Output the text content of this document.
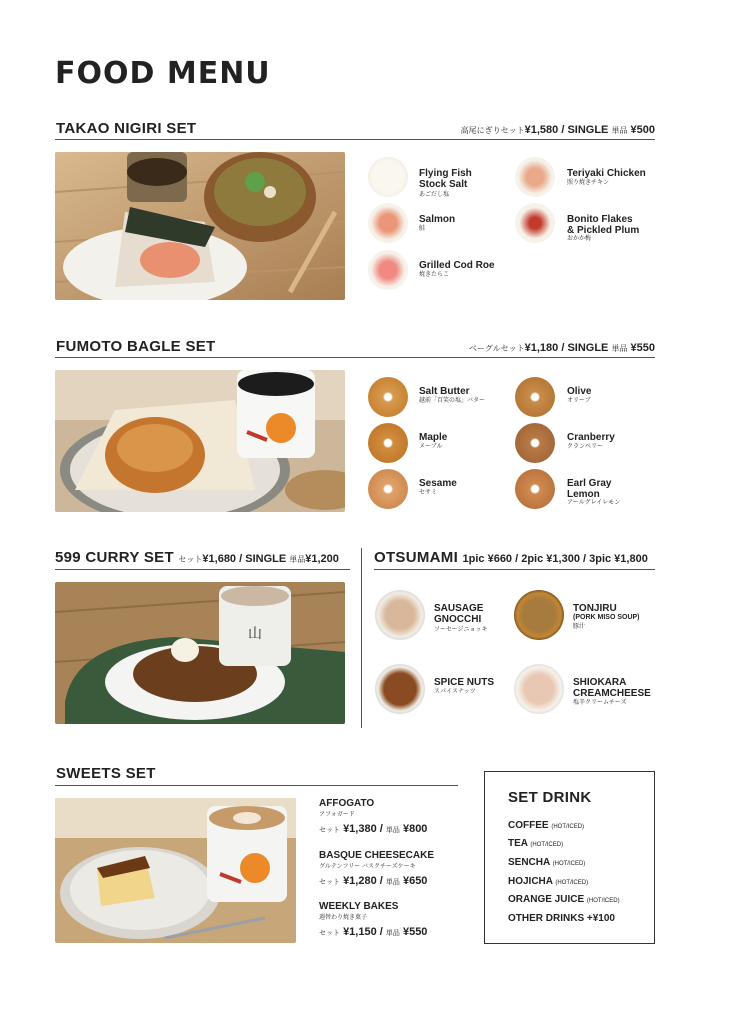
FOOD MENU
TAKAO NIGIRI SET	高尾にぎりセット¥1,580 / SINGLE 単品 ¥500
Flying Fish
Stock Salt
あごだし塩
Teriyaki Chicken
照り焼きチキン
Salmon
鮭
Bonito Flakes
& Pickled Plum
おかか梅
Grilled Cod Roe
焼きたらこ
FUMOTO BAGLE SET	ベーグルセット¥1,180 / SINGLE 単品 ¥550
Salt Butter
越前「百笑の塩」バター
Olive
オリーブ
Maple
メープル
Cranberry
クランベリー
Sesame
セサミ
Earl Gray
Lemon
アールグレイレモン
599 CURRY SET セット¥1,680 / SINGLE 単品¥1,200
山
OTSUMAMI 1pic ¥660 / 2pic ¥1,300 / 3pic ¥1,800
SAUSAGE
GNOCCHI
ソーセージニョッキ
TONJIRU
(PORK MISO SOUP)
豚汁
SPICE NUTS
スパイスナッツ
SHIOKARA
CREAMCHEESE
塩辛クリームチーズ
SWEETS SET
AFFOGATO
アフォガード
セット ¥1,380 / 単品 ¥800
BASQUE CHEESECAKE
グルテンフリー バスクチーズケーキ
セット ¥1,280 / 単品 ¥650
WEEKLY BAKES
週替わり焼き菓子
セット ¥1,150 / 単品 ¥550
SET DRINK
COFFEE (HOT/ICED)
TEA (HOT/ICED)
SENCHA (HOT/ICED)
HOJICHA (HOT/ICED)
ORANGE JUICE (HOT/ICED)
OTHER DRINKS +¥100
